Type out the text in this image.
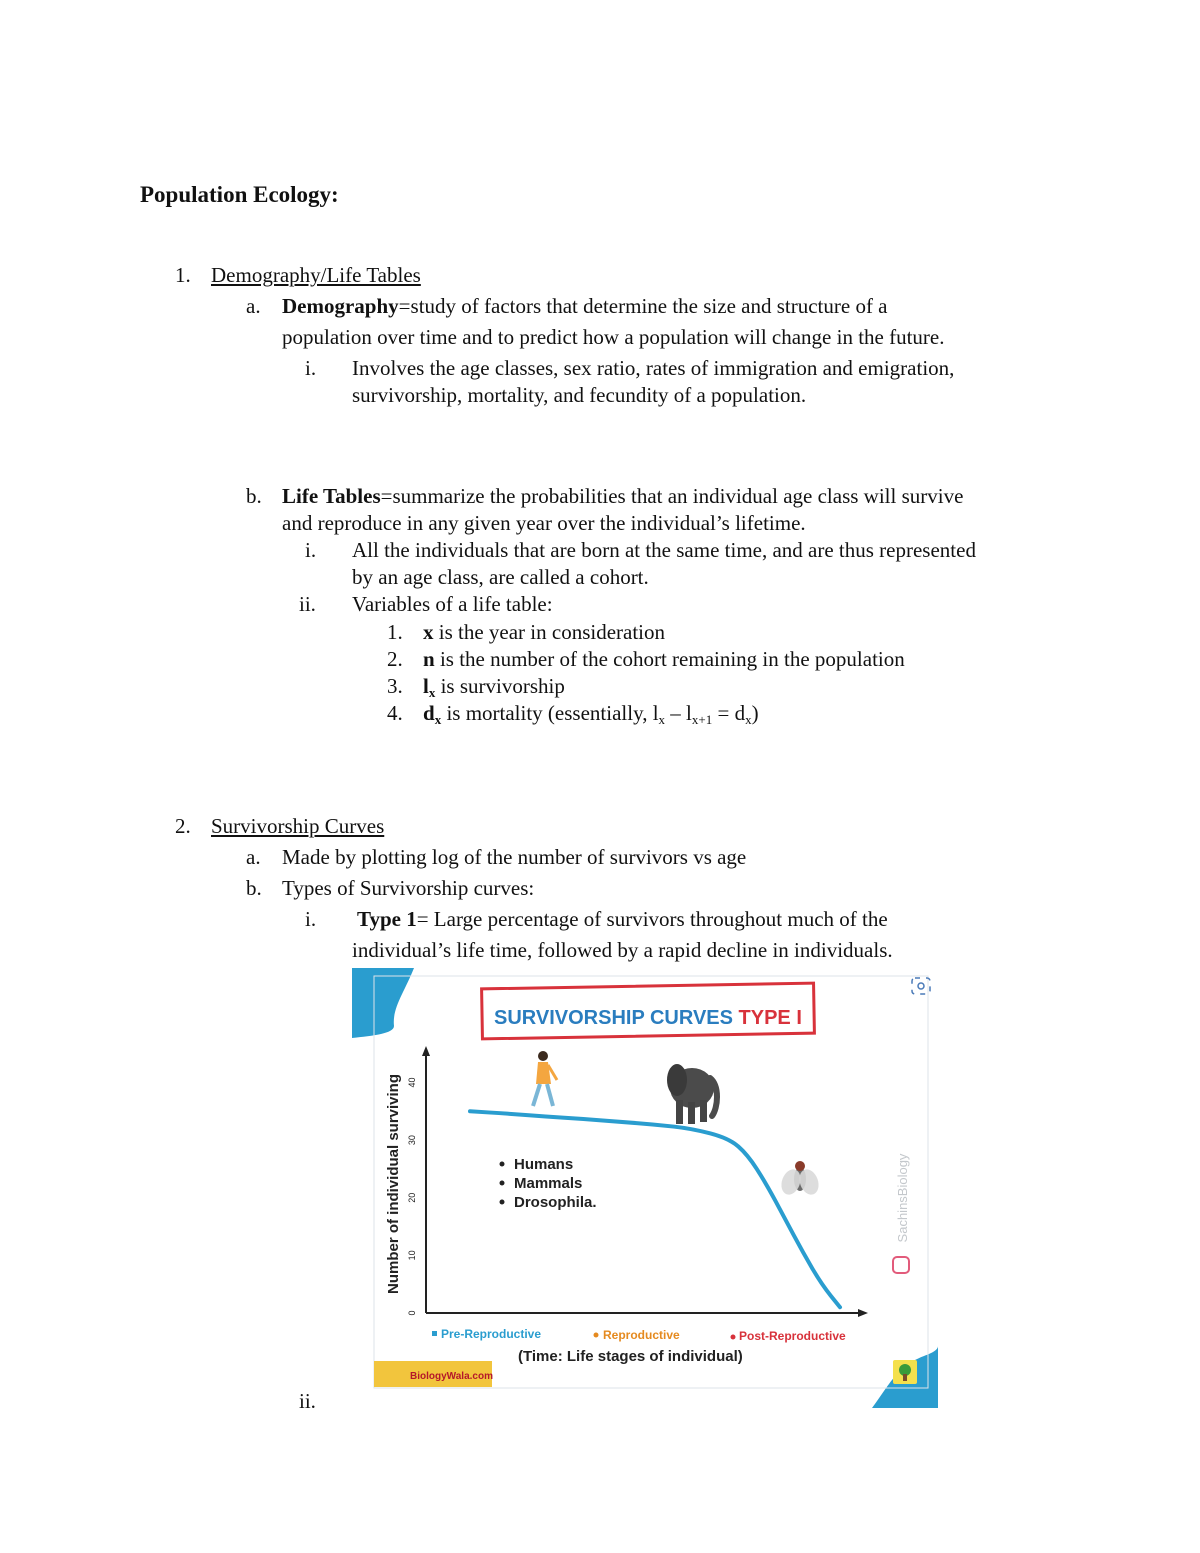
Population Ecology:
1. Demography/Life Tables
a. Demography=study of factors that determine the size and structure of a
population over time and to predict how a population will change in the future.
i. Involves the age classes, sex ratio, rates of immigration and emigration,
survivorship, mortality, and fecundity of a population.
b. Life Tables=summarize the probabilities that an individual age class will survive
and reproduce in any given year over the individual’s lifetime.
i. All the individuals that are born at the same time, and are thus represented
by an age class, are called a cohort.
ii. Variables of a life table:
1. x is the year in consideration
2. n is the number of the cohort remaining in the population
3. $l_x$ is survivorship
4. $d_x$ is mortality (essentially, $l_x - l_{x+1} = d_x$)
2. Survivorship Curves
a. Made by plotting log of the number of survivors vs age
b. Types of Survivorship curves:
i. Type 1= Large percentage of survivors throughout much of the
individual’s life time, followed by a rapid decline in individuals.
ii.
SURVIVORSHIP CURVES TYPE I
0
10
20
30
40
Number of individual surviving	Humans
Mammals
Drosophila.	SachinsBiology
Pre-Reproductive	Reproductive	Post-Reproductive
(Time: Life stages of individual)
BiologyWala.com
